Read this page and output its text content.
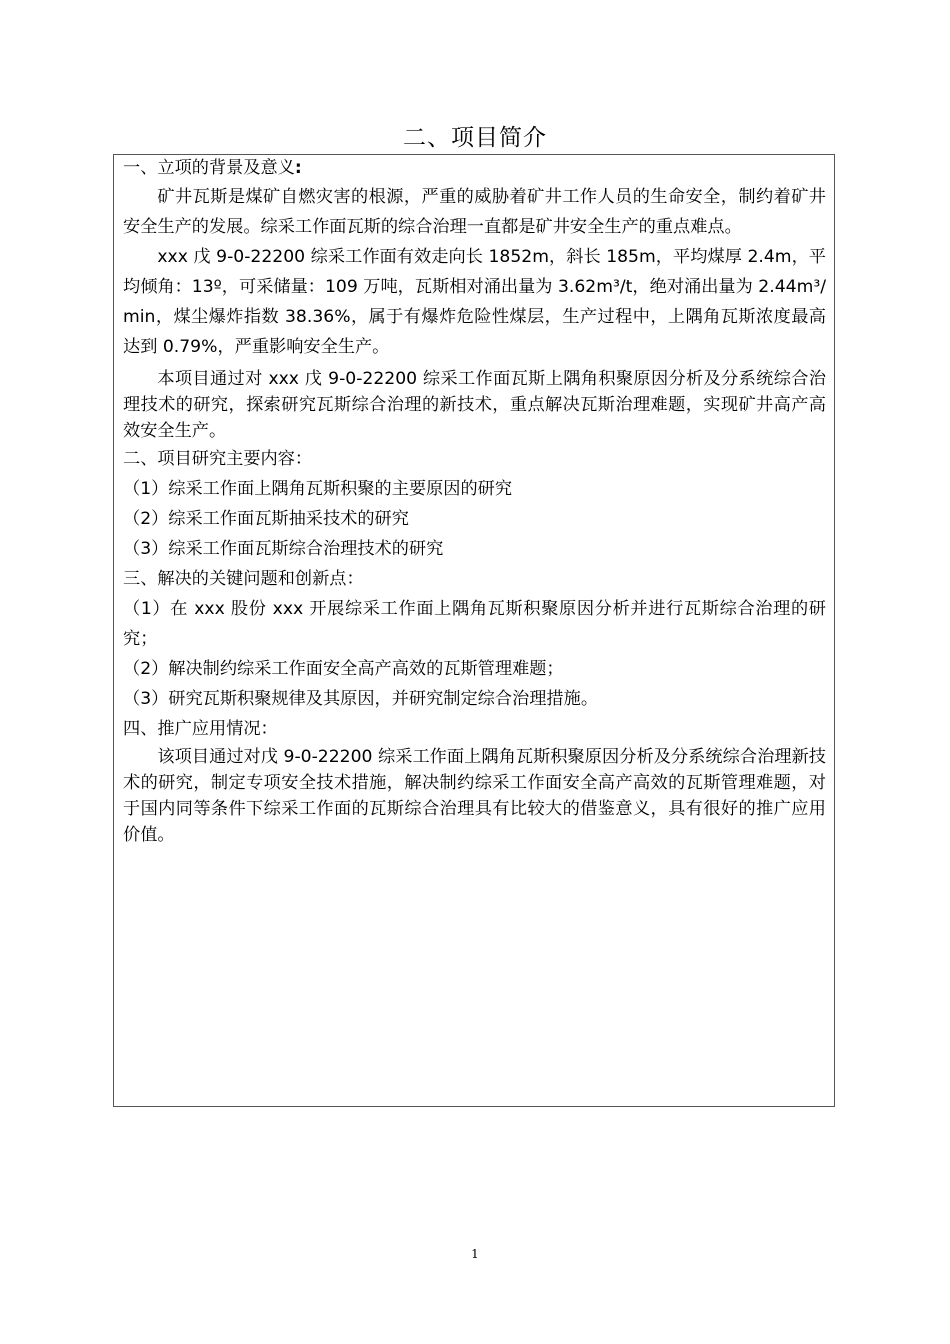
二、项目简介

一、立项的背景及意义:

矿井瓦斯是煤矿自燃灾害的根源，严重的威胁着矿井工作人员的生命安全，制约着矿井安全生产的发展。综采工作面瓦斯的综合治理一直都是矿井安全生产的重点难点。

xxx 戊 9-0-22200 综采工作面有效走向长 1852m，斜长 185m，平均煤厚 2.4m，平均倾角：13º，可采储量：109 万吨，瓦斯相对涌出量为 3.62m³/t，绝对涌出量为 2.44m³/min，煤尘爆炸指数 38.36%，属于有爆炸危险性煤层，生产过程中，上隅角瓦斯浓度最高达到 0.79%，严重影响安全生产。

本项目通过对 xxx 戊 9-0-22200 综采工作面瓦斯上隅角积聚原因分析及分系统综合治理技术的研究，探索研究瓦斯综合治理的新技术，重点解决瓦斯治理难题，实现矿井高产高效安全生产。

二、项目研究主要内容：

（1）综采工作面上隅角瓦斯积聚的主要原因的研究

（2）综采工作面瓦斯抽采技术的研究

（3）综采工作面瓦斯综合治理技术的研究

三、解决的关键问题和创新点：

（1）在 xxx 股份 xxx 开展综采工作面上隅角瓦斯积聚原因分析并进行瓦斯综合治理的研究；

（2）解决制约综采工作面安全高产高效的瓦斯管理难题；

（3）研究瓦斯积聚规律及其原因，并研究制定综合治理措施。

四、推广应用情况：

该项目通过对戊 9-0-22200 综采工作面上隅角瓦斯积聚原因分析及分系统综合治理新技术的研究，制定专项安全技术措施，解决制约综采工作面安全高产高效的瓦斯管理难题，对于国内同等条件下综采工作面的瓦斯综合治理具有比较大的借鉴意义，具有很好的推广应用价值。

1
